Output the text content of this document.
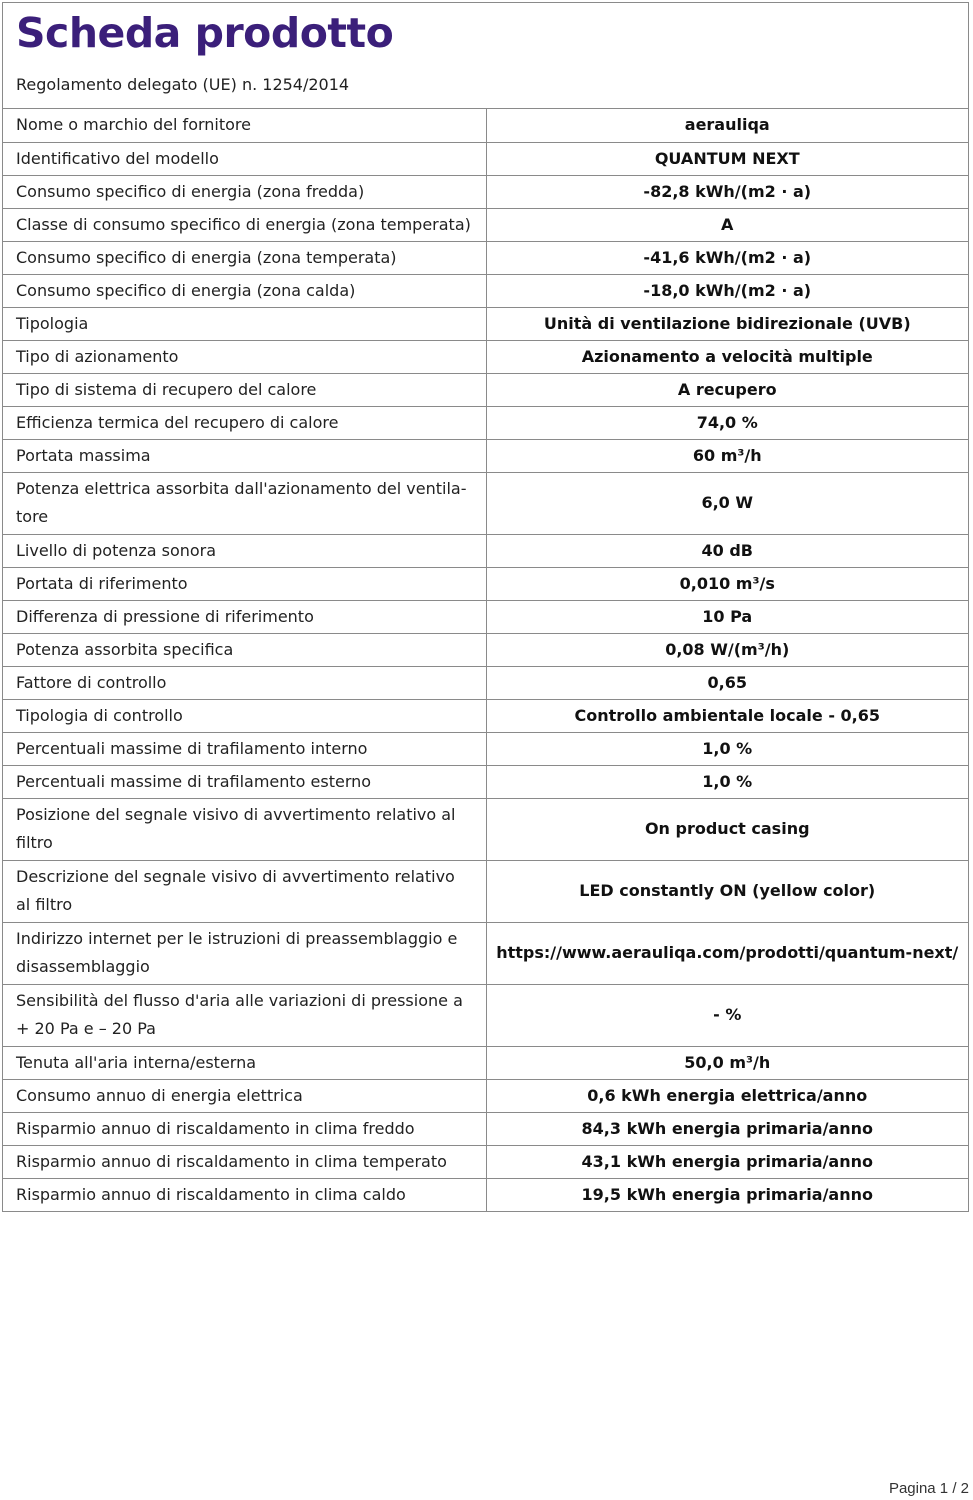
Scheda prodotto
Regolamento delegato (UE) n. 1254/2014
Nome o marchio del fornitore	aerauliqa
Identificativo del modello	QUANTUM NEXT
Consumo specifico di energia (zona fredda)	-82,8 kWh/(m2 · a)
Classe di consumo specifico di energia (zona temperata)	A
Consumo specifico di energia (zona temperata)	-41,6 kWh/(m2 · a)
Consumo specifico di energia (zona calda)	-18,0 kWh/(m2 · a)
Tipologia	Unità di ventilazione bidirezionale (UVB)
Tipo di azionamento	Azionamento a velocità multiple
Tipo di sistema di recupero del calore	A recupero
Efficienza termica del recupero di calore	74,0 %
Portata massima	60 m³/h
Potenza elettrica assorbita dall'azionamento del ventila-tore	6,0 W
Livello di potenza sonora	40 dB
Portata di riferimento	0,010 m³/s
Differenza di pressione di riferimento	10 Pa
Potenza assorbita specifica	0,08 W/(m³/h)
Fattore di controllo	0,65
Tipologia di controllo	Controllo ambientale locale - 0,65
Percentuali massime di trafilamento interno	1,0 %
Percentuali massime di trafilamento esterno	1,0 %
Posizione del segnale visivo di avvertimento relativo al filtro	On product casing
Descrizione del segnale visivo di avvertimento relativo al filtro	LED constantly ON (yellow color)
Indirizzo internet per le istruzioni di preassemblaggio e disassemblaggio	https://www.aerauliqa.com/prodotti/quantum-next/
Sensibilità del flusso d'aria alle variazioni di pressione a + 20 Pa e – 20 Pa	- %
Tenuta all'aria interna/esterna	50,0 m³/h
Consumo annuo di energia elettrica	0,6 kWh energia elettrica/anno
Risparmio annuo di riscaldamento in clima freddo	84,3 kWh energia primaria/anno
Risparmio annuo di riscaldamento in clima temperato	43,1 kWh energia primaria/anno
Risparmio annuo di riscaldamento in clima caldo	19,5 kWh energia primaria/anno
Pagina 1 / 2
